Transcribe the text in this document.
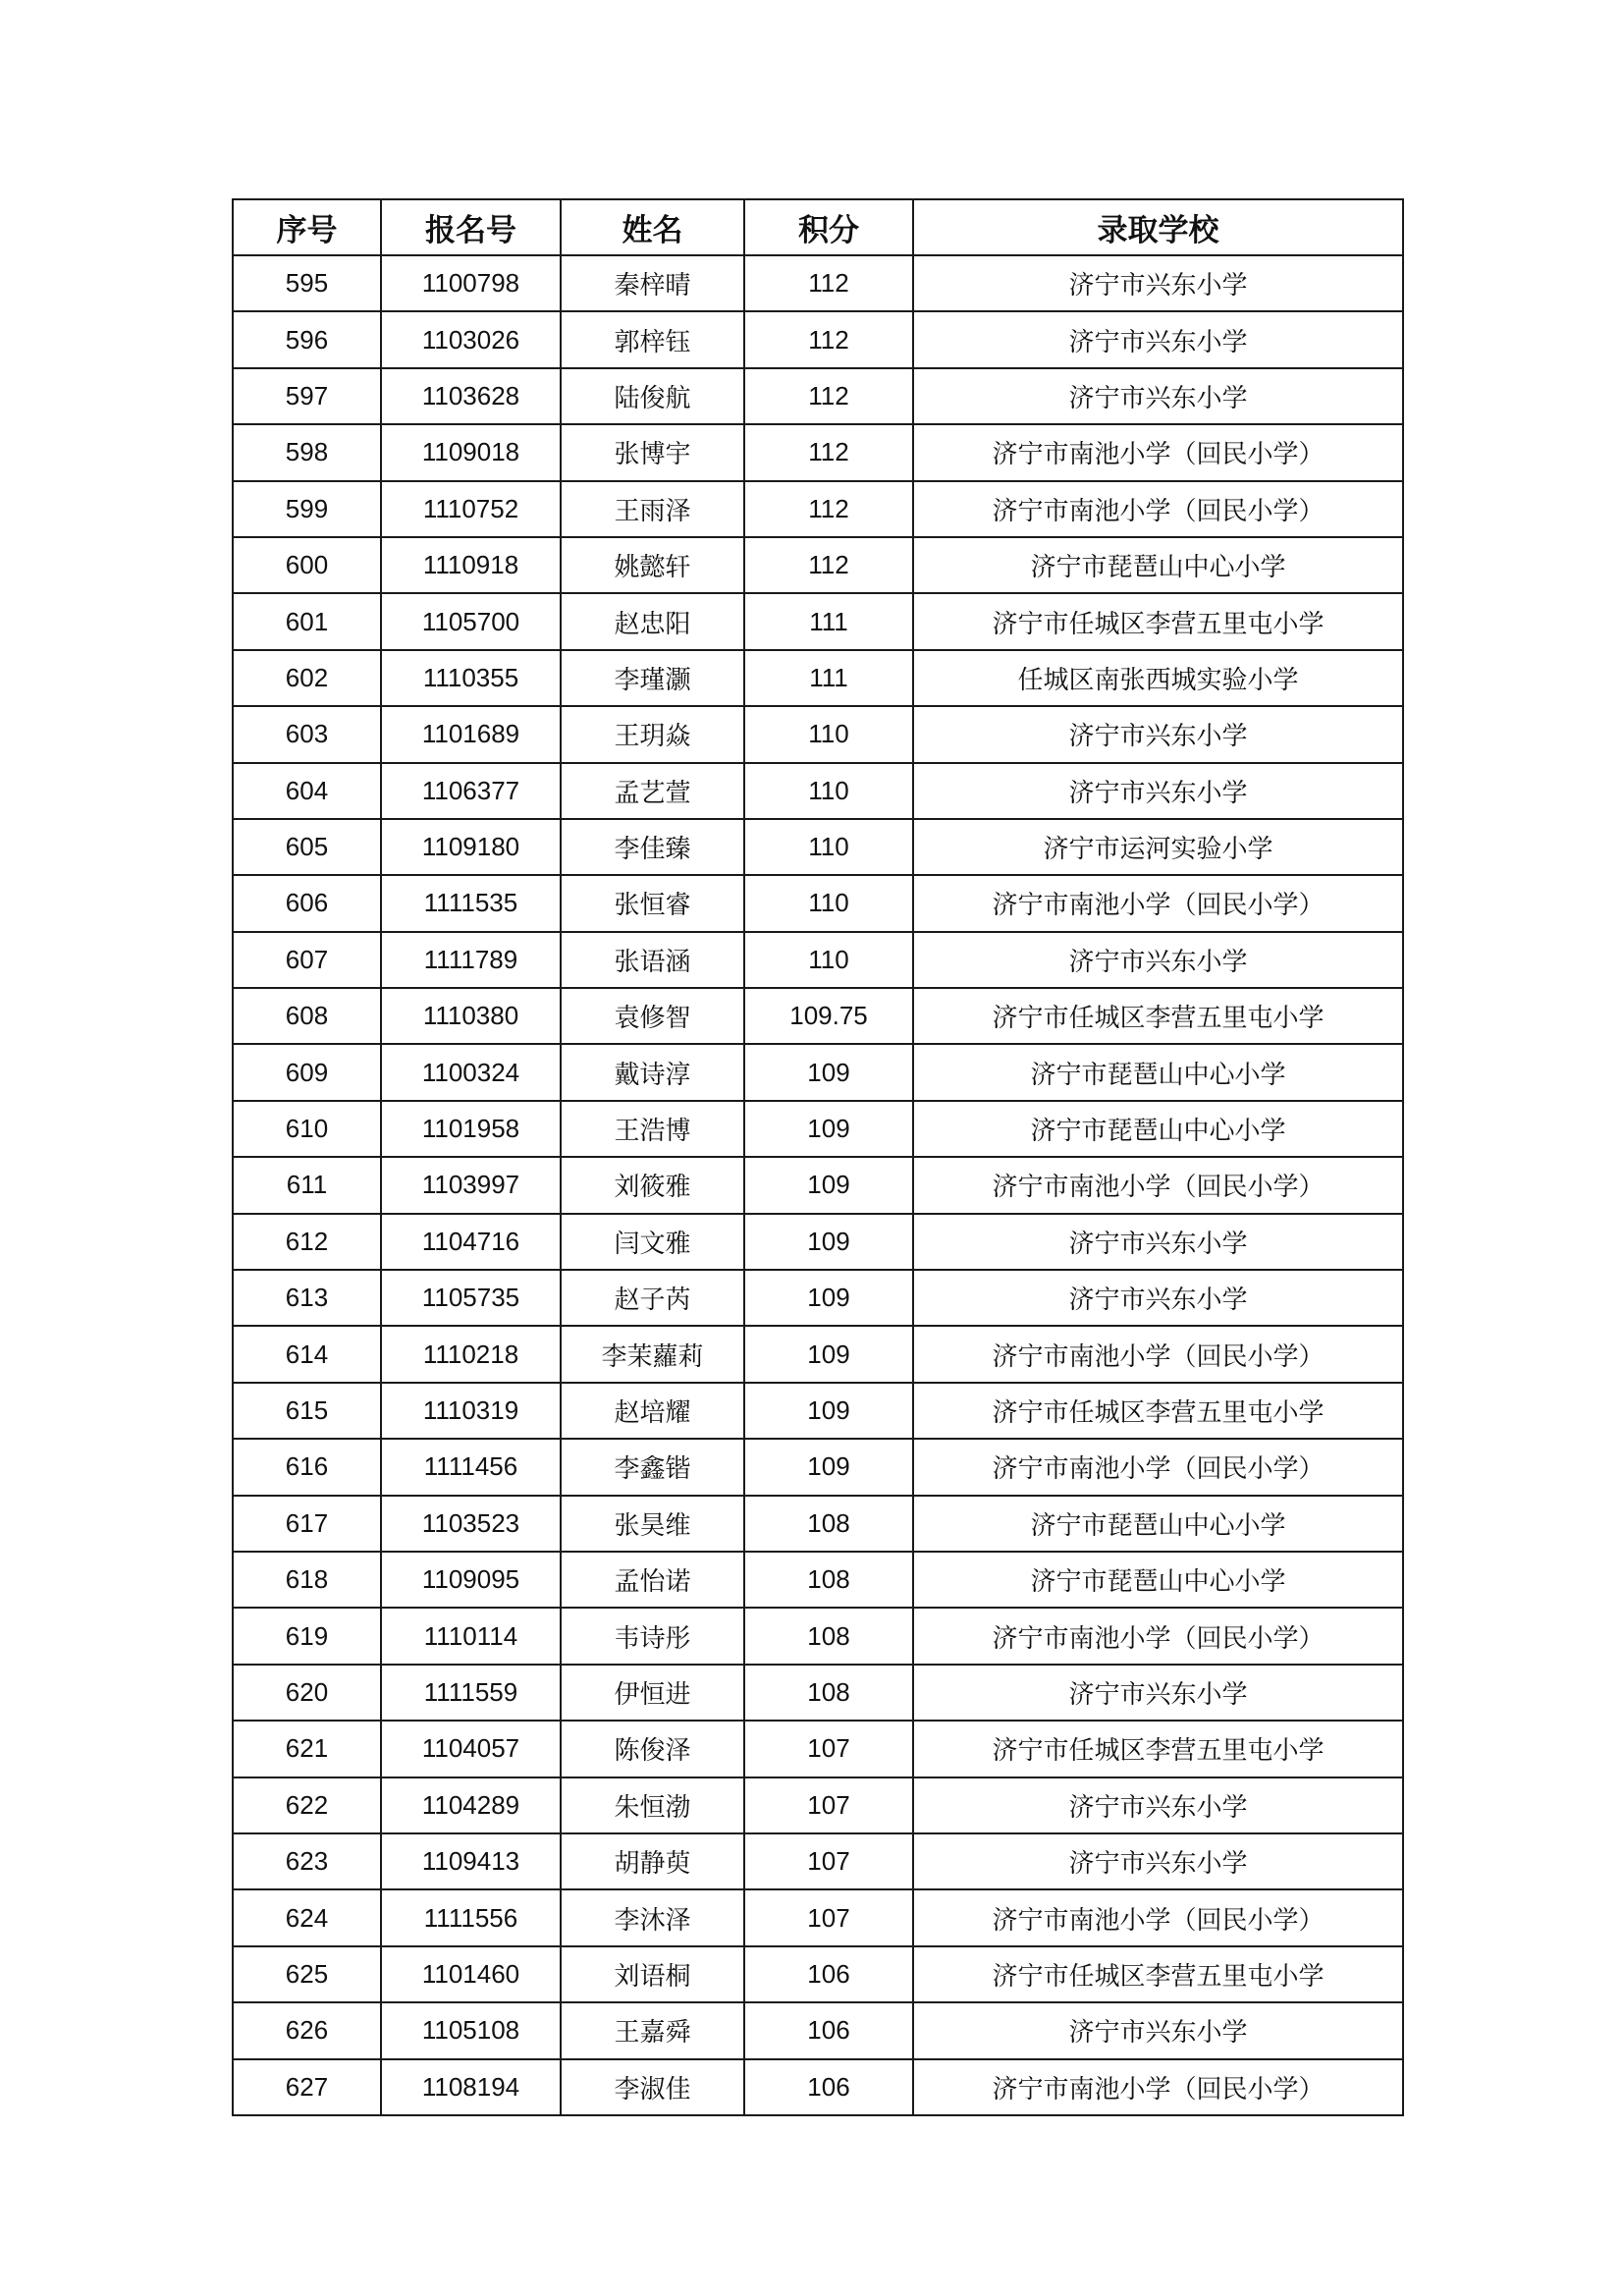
序号	报名号	姓名	积分	录取学校
595	1100798	秦梓晴	112	济宁市兴东小学
596	1103026	郭梓钰	112	济宁市兴东小学
597	1103628	陆俊航	112	济宁市兴东小学
598	1109018	张博宇	112	济宁市南池小学（回民小学）
599	1110752	王雨泽	112	济宁市南池小学（回民小学）
600	1110918	姚懿轩	112	济宁市琵琶山中心小学
601	1105700	赵忠阳	111	济宁市任城区李营五里屯小学
602	1110355	李瑾灏	111	任城区南张西城实验小学
603	1101689	王玥焱	110	济宁市兴东小学
604	1106377	孟艺萱	110	济宁市兴东小学
605	1109180	李佳臻	110	济宁市运河实验小学
606	1111535	张恒睿	110	济宁市南池小学（回民小学）
607	1111789	张语涵	110	济宁市兴东小学
608	1110380	袁修智	109.75	济宁市任城区李营五里屯小学
609	1100324	戴诗淳	109	济宁市琵琶山中心小学
610	1101958	王浩博	109	济宁市琵琶山中心小学
611	1103997	刘筱雅	109	济宁市南池小学（回民小学）
612	1104716	闫文雅	109	济宁市兴东小学
613	1105735	赵子芮	109	济宁市兴东小学
614	1110218	李茉蘿莉	109	济宁市南池小学（回民小学）
615	1110319	赵培耀	109	济宁市任城区李营五里屯小学
616	1111456	李鑫锴	109	济宁市南池小学（回民小学）
617	1103523	张昊维	108	济宁市琵琶山中心小学
618	1109095	孟怡诺	108	济宁市琵琶山中心小学
619	1110114	韦诗彤	108	济宁市南池小学（回民小学）
620	1111559	伊恒进	108	济宁市兴东小学
621	1104057	陈俊泽	107	济宁市任城区李营五里屯小学
622	1104289	朱恒渤	107	济宁市兴东小学
623	1109413	胡静萸	107	济宁市兴东小学
624	1111556	李沐泽	107	济宁市南池小学（回民小学）
625	1101460	刘语桐	106	济宁市任城区李营五里屯小学
626	1105108	王嘉舜	106	济宁市兴东小学
627	1108194	李淑佳	106	济宁市南池小学（回民小学）
